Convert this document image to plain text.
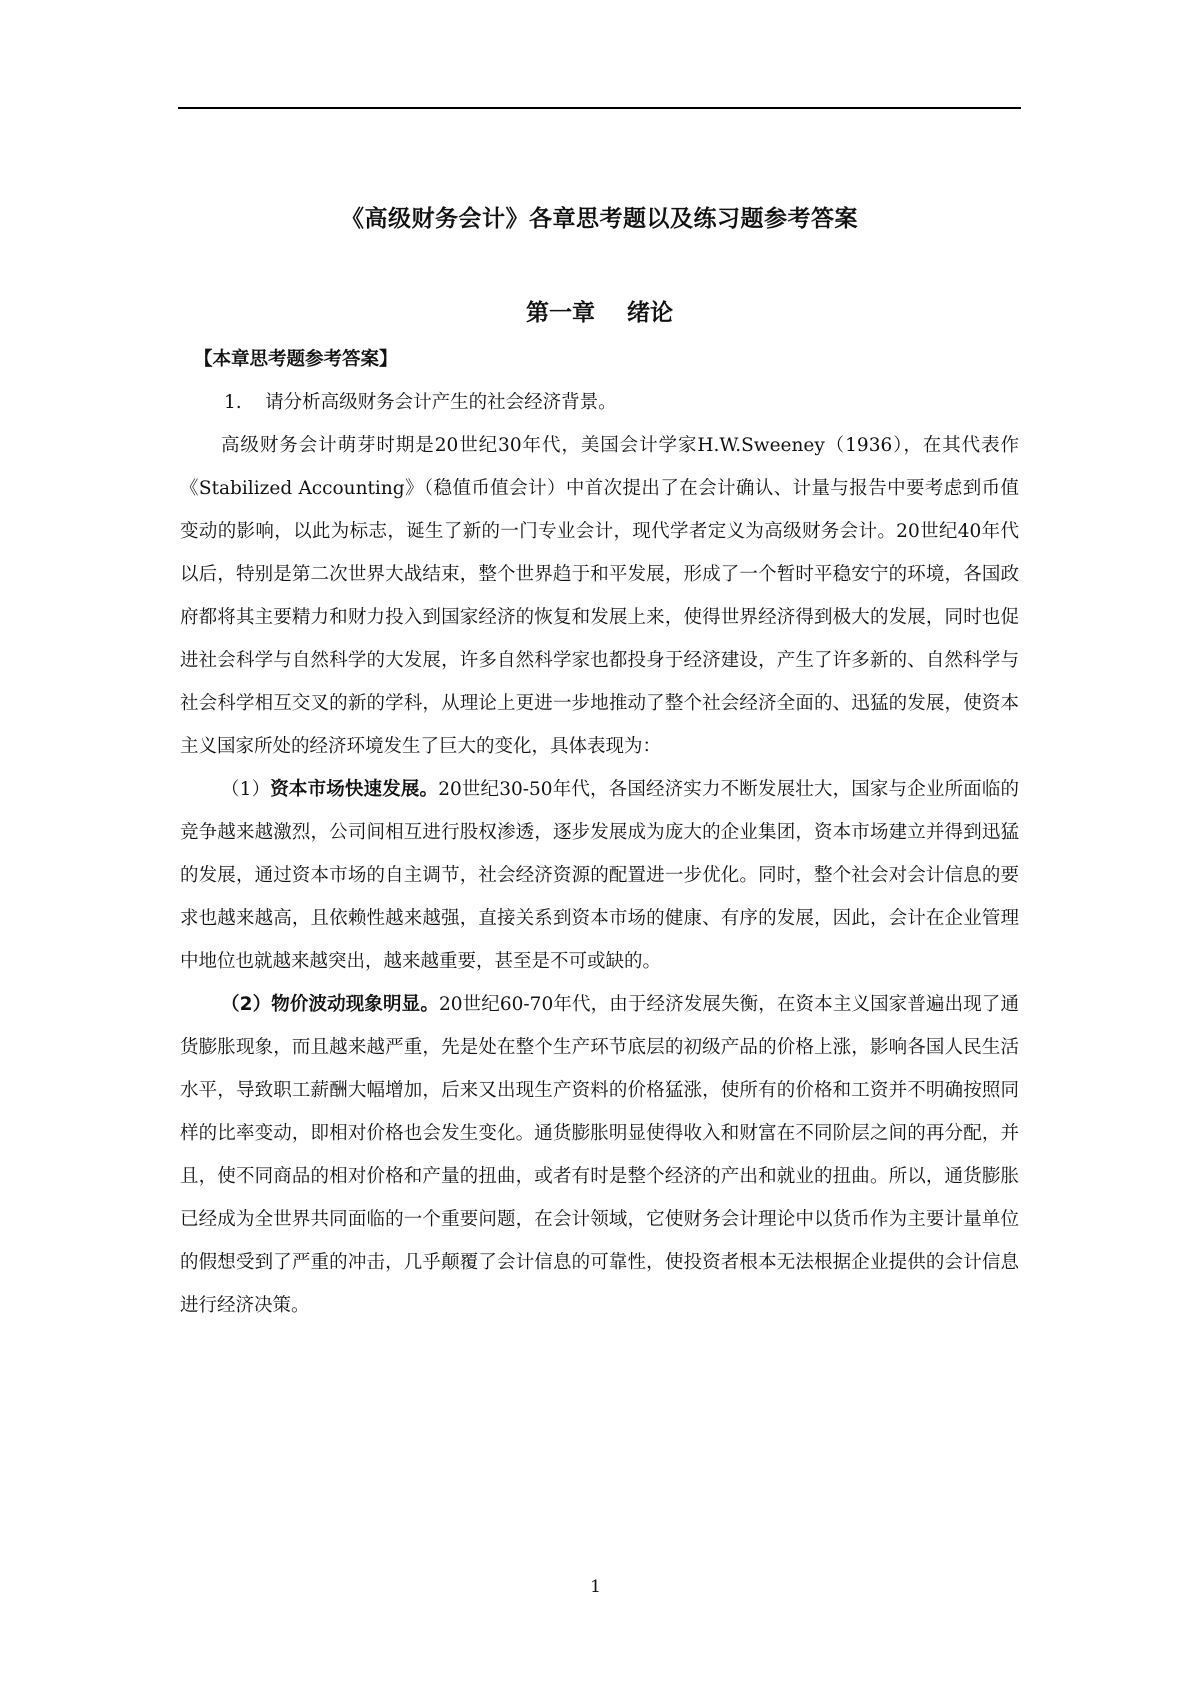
《高级财务会计》各章思考题以及练习题参考答案
第一章    绪论

【本章思考题参考答案】

1.    请分析高级财务会计产生的社会经济背景。

高级财务会计萌芽时期是20世纪30年代，美国会计学家H.W.Sweeney（1936），在其代表作《Stabilized Accounting》（稳值币值会计）中首次提出了在会计确认、计量与报告中要考虑到币值变动的影响，以此为标志，诞生了新的一门专业会计，现代学者定义为高级财务会计。20世纪40年代以后，特别是第二次世界大战结束，整个世界趋于和平发展，形成了一个暂时平稳安宁的环境，各国政府都将其主要精力和财力投入到国家经济的恢复和发展上来，使得世界经济得到极大的发展，同时也促进社会科学与自然科学的大发展，许多自然科学家也都投身于经济建设，产生了许多新的、自然科学与社会科学相互交叉的新的学科，从理论上更进一步地推动了整个社会经济全面的、迅猛的发展，使资本主义国家所处的经济环境发生了巨大的变化，具体表现为：

（1）资本市场快速发展。20世纪30-50年代，各国经济实力不断发展壮大，国家与企业所面临的竞争越来越激烈，公司间相互进行股权渗透，逐步发展成为庞大的企业集团，资本市场建立并得到迅猛的发展，通过资本市场的自主调节，社会经济资源的配置进一步优化。同时，整个社会对会计信息的要求也越来越高，且依赖性越来越强，直接关系到资本市场的健康、有序的发展，因此，会计在企业管理中地位也就越来越突出，越来越重要，甚至是不可或缺的。

（2）物价波动现象明显。20世纪60-70年代，由于经济发展失衡，在资本主义国家普遍出现了通货膨胀现象，而且越来越严重，先是处在整个生产环节底层的初级产品的价格上涨，影响各国人民生活水平，导致职工薪酬大幅增加，后来又出现生产资料的价格猛涨，使所有的价格和工资并不明确按照同样的比率变动，即相对价格也会发生变化。通货膨胀明显使得收入和财富在不同阶层之间的再分配，并且，使不同商品的相对价格和产量的扭曲，或者有时是整个经济的产出和就业的扭曲。所以，通货膨胀已经成为全世界共同面临的一个重要问题，在会计领域，它使财务会计理论中以货币作为主要计量单位的假想受到了严重的冲击，几乎颠覆了会计信息的可靠性，使投资者根本无法根据企业提供的会计信息进行经济决策。

1
